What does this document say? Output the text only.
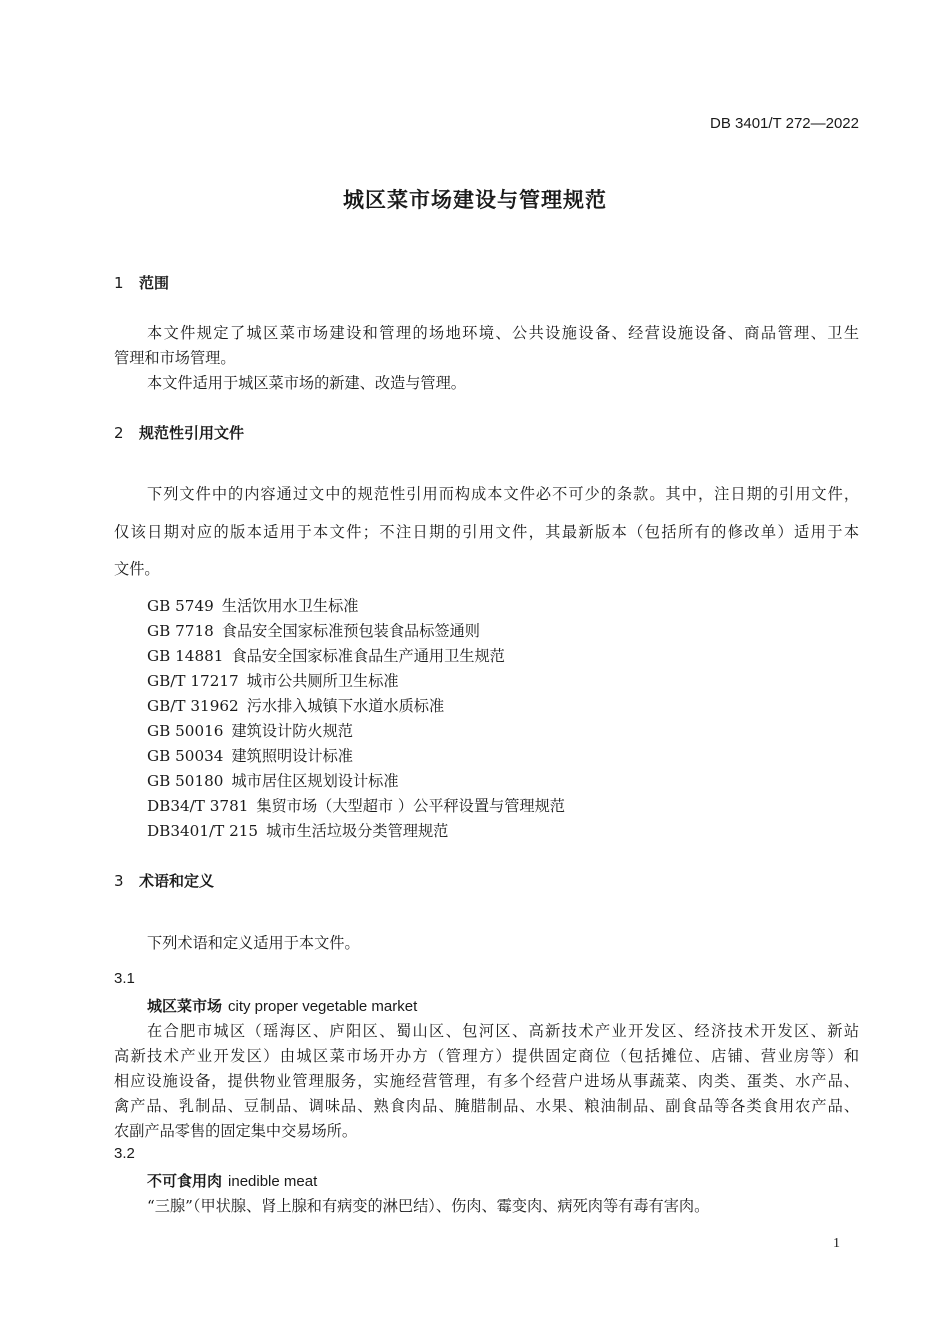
DB 3401/T 272—2022
城区菜市场建设与管理规范
1 范围
本文件规定了城区菜市场建设和管理的场地环境、公共设施设备、经营设施设备、商品管理、卫生
管理和市场管理。
本文件适用于城区菜市场的新建、改造与管理。
2 规范性引用文件
下列文件中的内容通过文中的规范性引用而构成本文件必不可少的条款。其中，注日期的引用文件，
仅该日期对应的版本适用于本文件；不注日期的引用文件，其最新版本（包括所有的修改单）适用于本
文件。
GB 5749 生活饮用水卫生标准
GB 7718 食品安全国家标准预包装食品标签通则
GB 14881 食品安全国家标准食品生产通用卫生规范
GB/T 17217 城市公共厕所卫生标准
GB/T 31962 污水排入城镇下水道水质标准
GB 50016 建筑设计防火规范
GB 50034 建筑照明设计标准
GB 50180 城市居住区规划设计标准
DB34/T 3781 集贸市场（大型超市 ）公平秤设置与管理规范
DB3401/T 215 城市生活垃圾分类管理规范
3 术语和定义
下列术语和定义适用于本文件。
3.1
城区菜市场 city proper vegetable market
在合肥市城区（瑶海区、庐阳区、蜀山区、包河区、高新技术产业开发区、经济技术开发区、新站
高新技术产业开发区）由城区菜市场开办方（管理方）提供固定商位（包括摊位、店铺、营业房等）和
相应设施设备，提供物业管理服务，实施经营管理，有多个经营户进场从事蔬菜、肉类、蛋类、水产品、
禽产品、乳制品、豆制品、调味品、熟食肉品、腌腊制品、水果、粮油制品、副食品等各类食用农产品、
农副产品零售的固定集中交易场所。
3.2
不可食用肉 inedible meat
“三腺”（甲状腺、肾上腺和有病变的淋巴结）、伤肉、霉变肉、病死肉等有毒有害肉。
1
